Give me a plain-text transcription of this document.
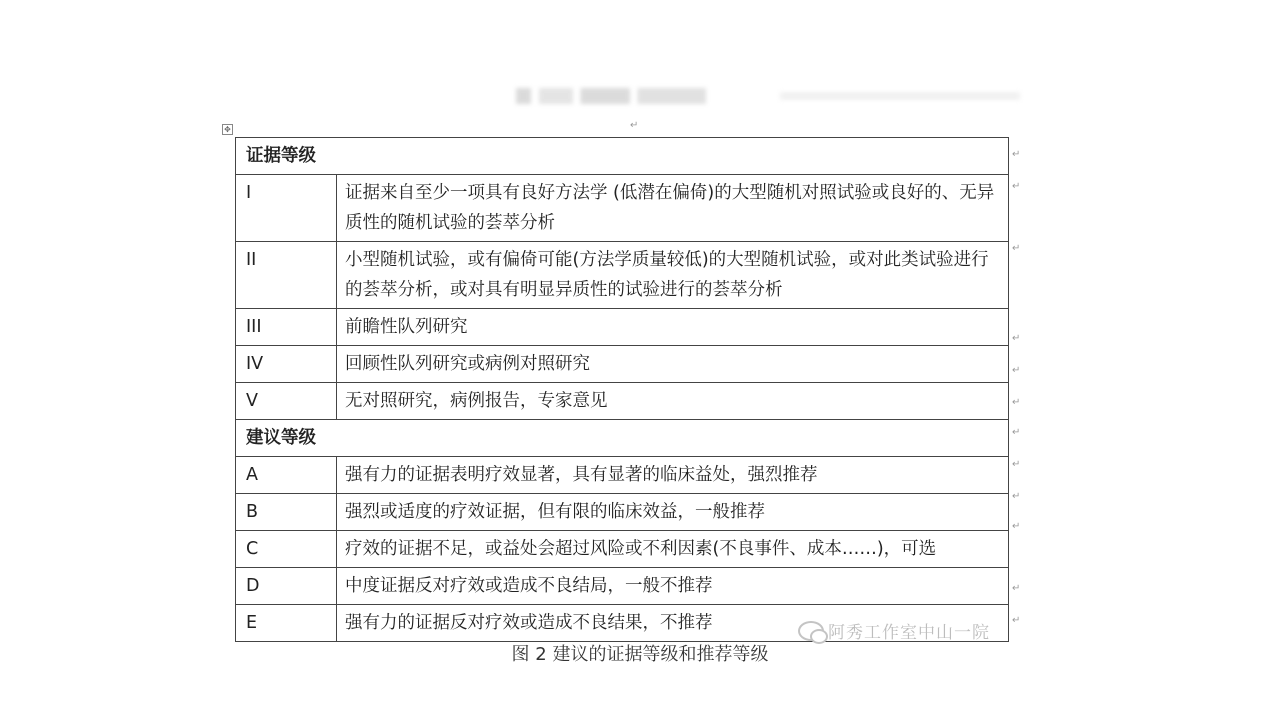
✥	↵
证据等级	
I	证据来自至少一项具有良好方法学 (低潜在偏倚)的大型随机对照试验或良好的、无异质性的随机试验的荟萃分析
II	小型随机试验，或有偏倚可能(方法学质量较低)的大型随机试验，或对此类试验进行的荟萃分析，或对具有明显异质性的试验进行的荟萃分析
III	前瞻性队列研究
IV	回顾性队列研究或病例对照研究
V	无对照研究，病例报告，专家意见
建议等级	
A	强有力的证据表明疗效显著，具有显著的临床益处，强烈推荐
B	强烈或适度的疗效证据，但有限的临床效益，一般推荐
C	疗效的证据不足，或益处会超过风险或不利因素(不良事件、成本……)，可选
D	中度证据反对疗效或造成不良结局，一般不推荐
E	强有力的证据反对疗效或造成不良结果，不推荐
↵
↵
↵
↵
↵
↵
↵
↵
↵
↵
↵
↵
阿秀工作室中山一院
图 2 建议的证据等级和推荐等级
